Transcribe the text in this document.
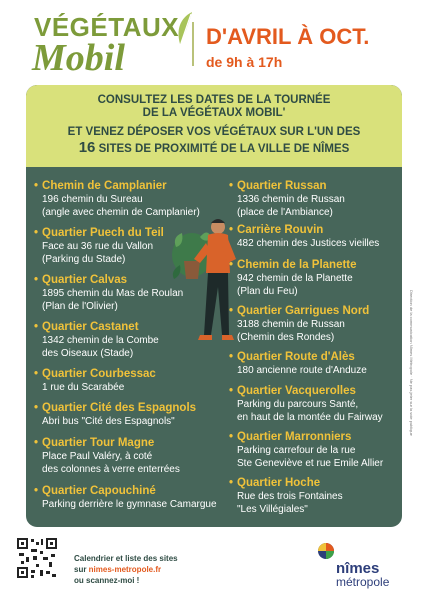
VÉGÉTAUX
Mobil
D'AVRIL À OCT.
de 9h à 17h
CONSULTEZ LES DATES DE LA TOURNÉE
DE LA VÉGÉTAUX MOBIL'
ET VENEZ DÉPOSER VOS VÉGÉTAUX SUR L'UN DES
16 SITES DE PROXIMITÉ DE LA VILLE DE NÎMES
• Chemin de Camplanier
196 chemin du Sureau
(angle avec chemin de Camplanier)
• Quartier Puech du Teil
Face au 36 rue du Vallon
(Parking du Stade)
• Quartier Calvas
1895 chemin du Mas de Roulan
(Plan de l'Olivier)
• Quartier Castanet
1342 chemin de la Combe
des Oiseaux (Stade)
• Quartier Courbessac
1 rue du Scarabée
• Quartier Cité des Espagnols
Abri bus "Cité des Espagnols"
• Quartier Tour Magne
Place Paul Valéry, à coté
des colonnes à verre enterrées
• Quartier Capouchiné
Parking derrière le gymnase Camargue
• Quartier Russan
1336 chemin de Russan
(place de l'Ambiance)
• Carrière Rouvin
482 chemin des Justices vieilles
• Chemin de la Planette
942 chemin de la Planette
(Plan du Feu)
• Quartier Garrigues Nord
3188 chemin de Russan
(Chemin des Rondes)
• Quartier Route d'Alès
180 ancienne route d'Anduze
• Quartier Vacquerolles
Parking du parcours Santé,
en haut de la montée du Fairway
• Quartier Marronniers
Parking carrefour de la rue
Ste Geneviève et rue Emile Allier
• Quartier Hoche
Rue des trois Fontaines
"Les Villégiales"
Direction de la communication Nîmes Métropole · Ne pas jeter sur la voie publique
Calendrier et liste des sites
sur nimes-metropole.fr
ou scannez-moi !
nîmes
métropole
